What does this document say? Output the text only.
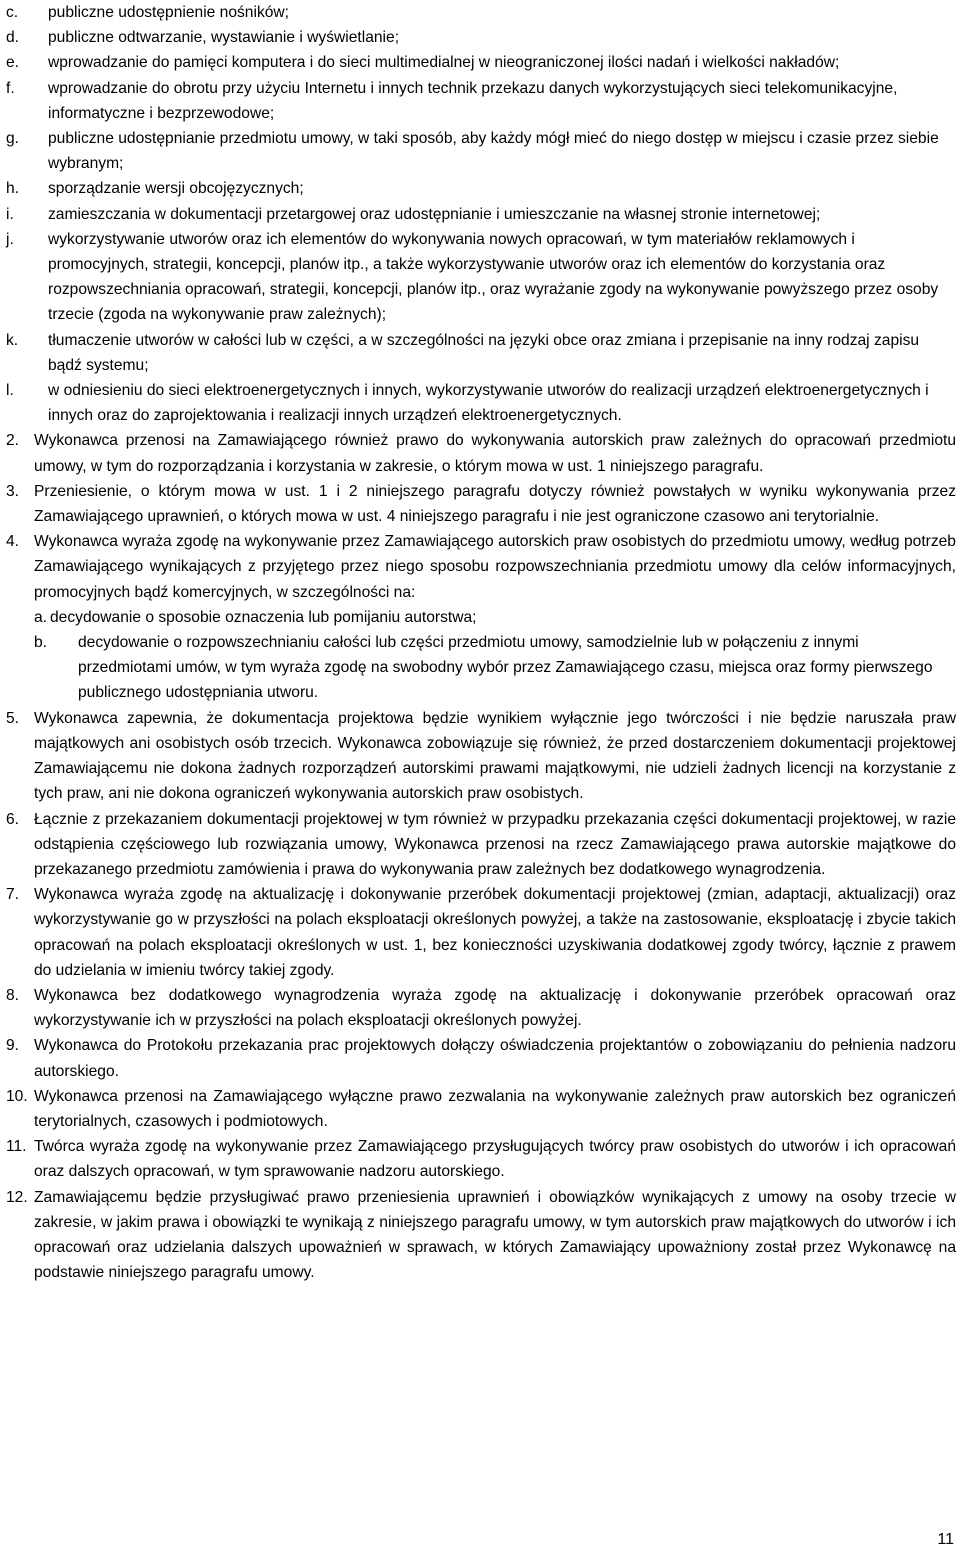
c. publiczne udostępnienie nośników;
d. publiczne odtwarzanie, wystawianie i wyświetlanie;
e. wprowadzanie do pamięci komputera i do sieci multimedialnej w nieograniczonej ilości nadań i wielkości nakładów;
f. wprowadzanie do obrotu przy użyciu Internetu i innych technik przekazu danych wykorzystujących sieci telekomunikacyjne, informatyczne i bezprzewodowe;
g. publiczne udostępnianie przedmiotu umowy, w taki sposób, aby każdy mógł mieć do niego dostęp w miejscu i czasie przez siebie wybranym;
h. sporządzanie wersji obcojęzycznych;
i. zamieszczania w dokumentacji przetargowej oraz udostępnianie i umieszczanie na własnej stronie internetowej;
j. wykorzystywanie utworów oraz ich elementów do wykonywania nowych opracowań, w tym materiałów reklamowych i promocyjnych, strategii, koncepcji, planów itp., a także wykorzystywanie utworów oraz ich elementów do korzystania oraz rozpowszechniania opracowań, strategii, koncepcji, planów itp., oraz wyrażanie zgody na wykonywanie powyższego przez osoby trzecie (zgoda na wykonywanie praw zależnych);
k. tłumaczenie utworów w całości lub w części, a w szczególności na języki obce oraz zmiana i przepisanie na inny rodzaj zapisu bądź systemu;
l. w odniesieniu do sieci elektroenergetycznych i innych, wykorzystywanie utworów do realizacji urządzeń elektroenergetycznych i innych oraz do zaprojektowania i realizacji innych urządzeń elektroenergetycznych.
2. Wykonawca przenosi na Zamawiającego również prawo do wykonywania autorskich praw zależnych do opracowań przedmiotu umowy, w tym do rozporządzania i korzystania w zakresie, o którym mowa w ust. 1 niniejszego paragrafu.
3. Przeniesienie, o którym mowa w ust. 1 i 2 niniejszego paragrafu dotyczy również powstałych w wyniku wykonywania przez Zamawiającego uprawnień, o których mowa w ust. 4 niniejszego paragrafu i nie jest ograniczone czasowo ani terytorialnie.
4. Wykonawca wyraża zgodę na wykonywanie przez Zamawiającego autorskich praw osobistych do przedmiotu umowy, według potrzeb Zamawiającego wynikających z przyjętego przez niego sposobu rozpowszechniania przedmiotu umowy dla celów informacyjnych, promocyjnych bądź komercyjnych, w szczególności na:
a. decydowanie o sposobie oznaczenia lub pomijaniu autorstwa;
b. decydowanie o rozpowszechnianiu całości lub części przedmiotu umowy, samodzielnie lub w połączeniu z innymi przedmiotami umów, w tym wyraża zgodę na swobodny wybór przez Zamawiającego czasu, miejsca oraz formy pierwszego publicznego udostępniania utworu.
5. Wykonawca zapewnia, że dokumentacja projektowa będzie wynikiem wyłącznie jego twórczości i nie będzie naruszała praw majątkowych ani osobistych osób trzecich. Wykonawca zobowiązuje się również, że przed dostarczeniem dokumentacji projektowej Zamawiającemu nie dokona żadnych rozporządzeń autorskimi prawami majątkowymi, nie udzieli żadnych licencji na korzystanie z tych praw, ani nie dokona ograniczeń wykonywania autorskich praw osobistych.
6. Łącznie z przekazaniem dokumentacji projektowej w tym również w przypadku przekazania części dokumentacji projektowej, w razie odstąpienia częściowego lub rozwiązania umowy, Wykonawca przenosi na rzecz Zamawiającego prawa autorskie majątkowe do przekazanego przedmiotu zamówienia i prawa do wykonywania praw zależnych bez dodatkowego wynagrodzenia.
7. Wykonawca wyraża zgodę na aktualizację i dokonywanie przeróbek dokumentacji projektowej (zmian, adaptacji, aktualizacji) oraz wykorzystywanie go w przyszłości na polach eksploatacji określonych powyżej, a także na zastosowanie, eksploatację i zbycie takich opracowań na polach eksploatacji określonych w ust. 1, bez konieczności uzyskiwania dodatkowej zgody twórcy, łącznie z prawem do udzielania w imieniu twórcy takiej zgody.
8. Wykonawca bez dodatkowego wynagrodzenia wyraża zgodę na aktualizację i dokonywanie przeróbek opracowań oraz wykorzystywanie ich w przyszłości na polach eksploatacji określonych powyżej.
9. Wykonawca do Protokołu przekazania prac projektowych dołączy oświadczenia projektantów o zobowiązaniu do pełnienia nadzoru autorskiego.
10. Wykonawca przenosi na Zamawiającego wyłączne prawo zezwalania na wykonywanie zależnych praw autorskich bez ograniczeń terytorialnych, czasowych i podmiotowych.
11. Twórca wyraża zgodę na wykonywanie przez Zamawiającego przysługujących twórcy praw osobistych do utworów i ich opracowań oraz dalszych opracowań, w tym sprawowanie nadzoru autorskiego.
12. Zamawiającemu będzie przysługiwać prawo przeniesienia uprawnień i obowiązków wynikających z umowy na osoby trzecie w zakresie, w jakim prawa i obowiązki te wynikają z niniejszego paragrafu umowy, w tym autorskich praw majątkowych do utworów i ich opracowań oraz udzielania dalszych upoważnień w sprawach, w których Zamawiający upoważniony został przez Wykonawcę na podstawie niniejszego paragrafu umowy.
11
